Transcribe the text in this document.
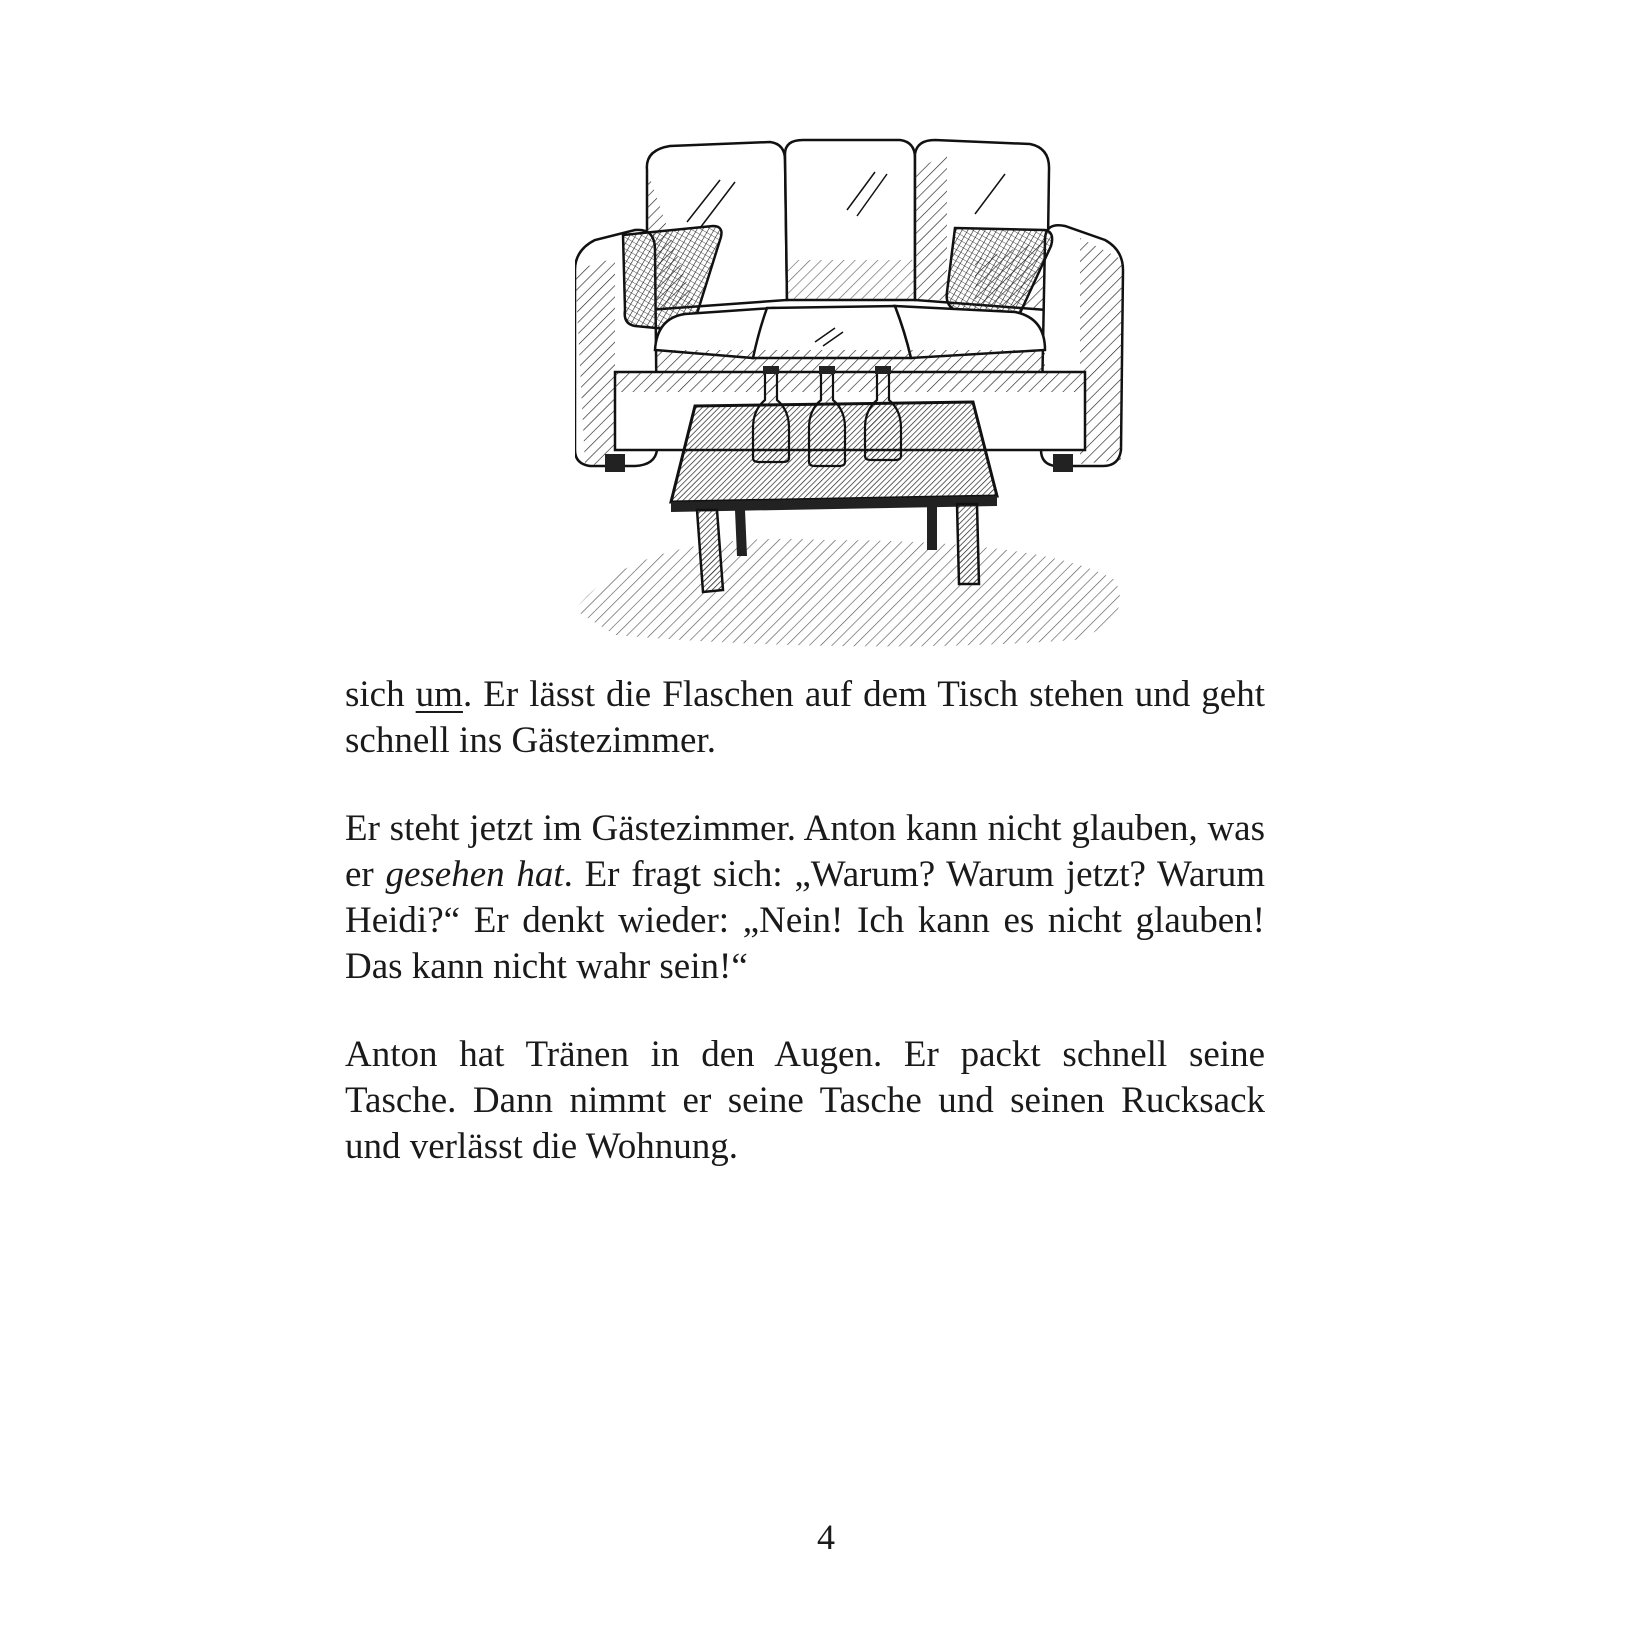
sich um. Er lässt die Flaschen auf dem Tisch stehen und geht schnell ins Gästezimmer.

Er steht jetzt im Gästezimmer. Anton kann nicht glauben, was er gesehen hat. Er fragt sich: „Warum? Warum jetzt? Warum Heidi?“ Er denkt wieder: „Nein! Ich kann es nicht glauben! Das kann nicht wahr sein!“

Anton hat Tränen in den Augen. Er packt schnell seine Tasche. Dann nimmt er seine Tasche und seinen Rucksack und verlässt die Wohnung.

4
